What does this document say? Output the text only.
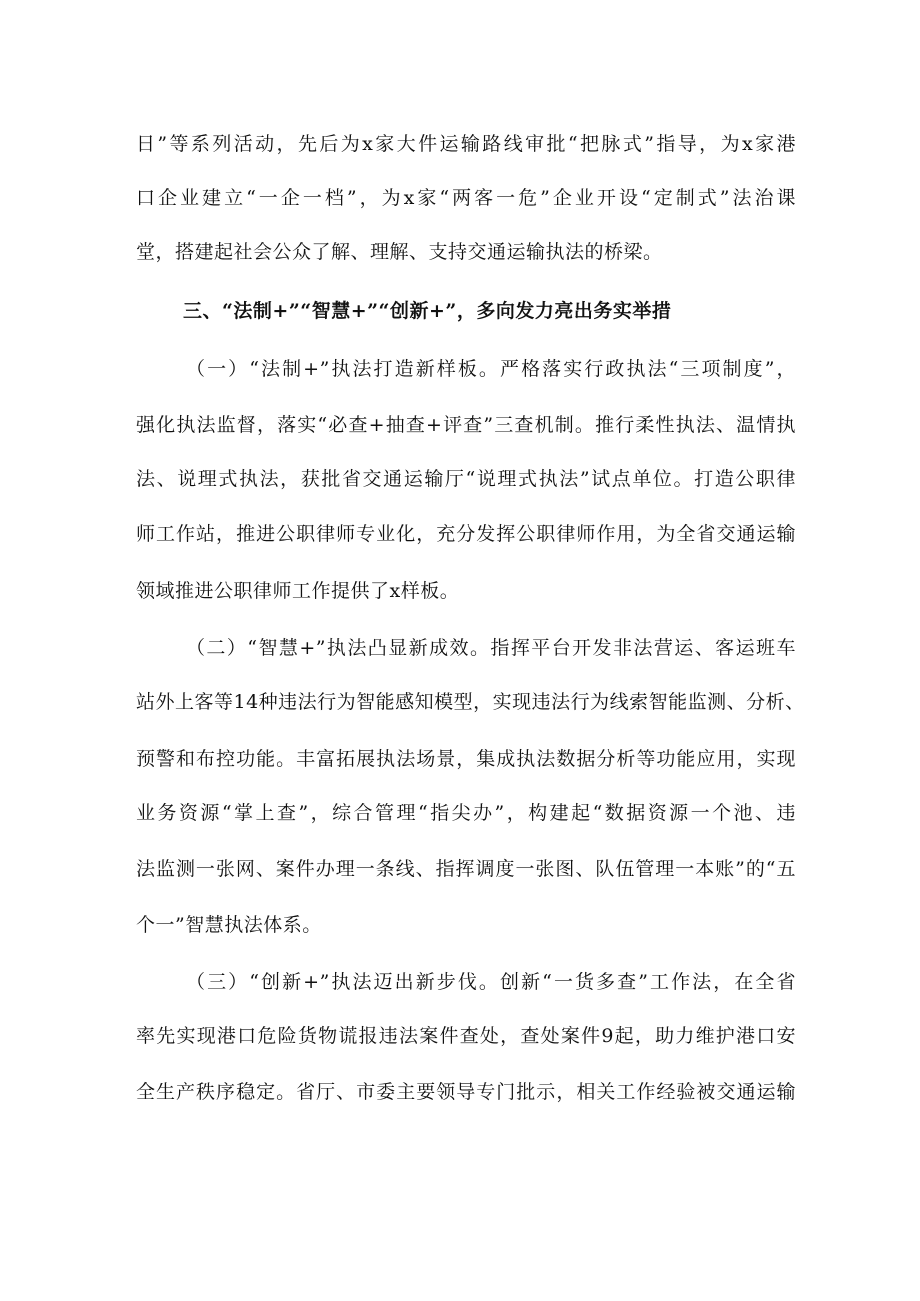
日”等系列活动，先后为x家大件运输路线审批“把脉式”指导，为x家港
口企业建立“一企一档”，为x家“两客一危”企业开设“定制式”法治课
堂，搭建起社会公众了解、理解、支持交通运输执法的桥梁。
三、“法制+”“智慧+”“创新+”，多向发力亮出务实举措
（一）“法制+”执法打造新样板。严格落实行政执法“三项制度”，
强化执法监督，落实“必查+抽查+评查”三查机制。推行柔性执法、温情执
法、说理式执法，获批省交通运输厅“说理式执法”试点单位。打造公职律
师工作站，推进公职律师专业化，充分发挥公职律师作用，为全省交通运输
领域推进公职律师工作提供了x样板。
（二）“智慧+”执法凸显新成效。指挥平台开发非法营运、客运班车
站外上客等14种违法行为智能感知模型，实现违法行为线索智能监测、分析、
预警和布控功能。丰富拓展执法场景，集成执法数据分析等功能应用，实现
业务资源“掌上查”，综合管理“指尖办”，构建起“数据资源一个池、违
法监测一张网、案件办理一条线、指挥调度一张图、队伍管理一本账”的“五
个一”智慧执法体系。
（三）“创新+”执法迈出新步伐。创新“一货多查”工作法，在全省
率先实现港口危险货物谎报违法案件查处，查处案件9起，助力维护港口安
全生产秩序稳定。省厅、市委主要领导专门批示，相关工作经验被交通运输
